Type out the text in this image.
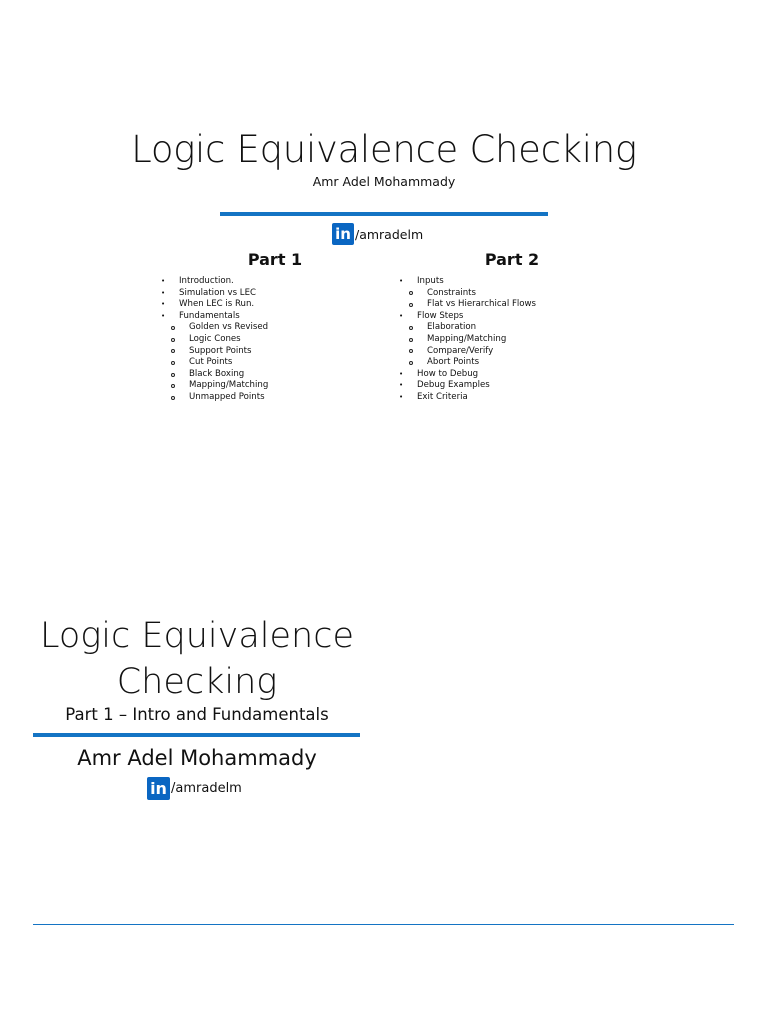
Logic Equivalence Checking
Amr Adel Mohammady
in /amradelm
Part 1	Part 2
• Introduction.
• Simulation vs LEC
• When LEC is Run.
• Fundamentals
Golden vs Revised
Logic Cones
Support Points
Cut Points
Black Boxing
Mapping/Matching
Unmapped Points
• Inputs
Constraints
Flat vs Hierarchical Flows
• Flow Steps
Elaboration
Mapping/Matching
Compare/Verify
Abort Points
• How to Debug
• Debug Examples
• Exit Criteria
Logic Equivalence
Checking
Part 1 – Intro and Fundamentals
Amr Adel Mohammady
in /amradelm
